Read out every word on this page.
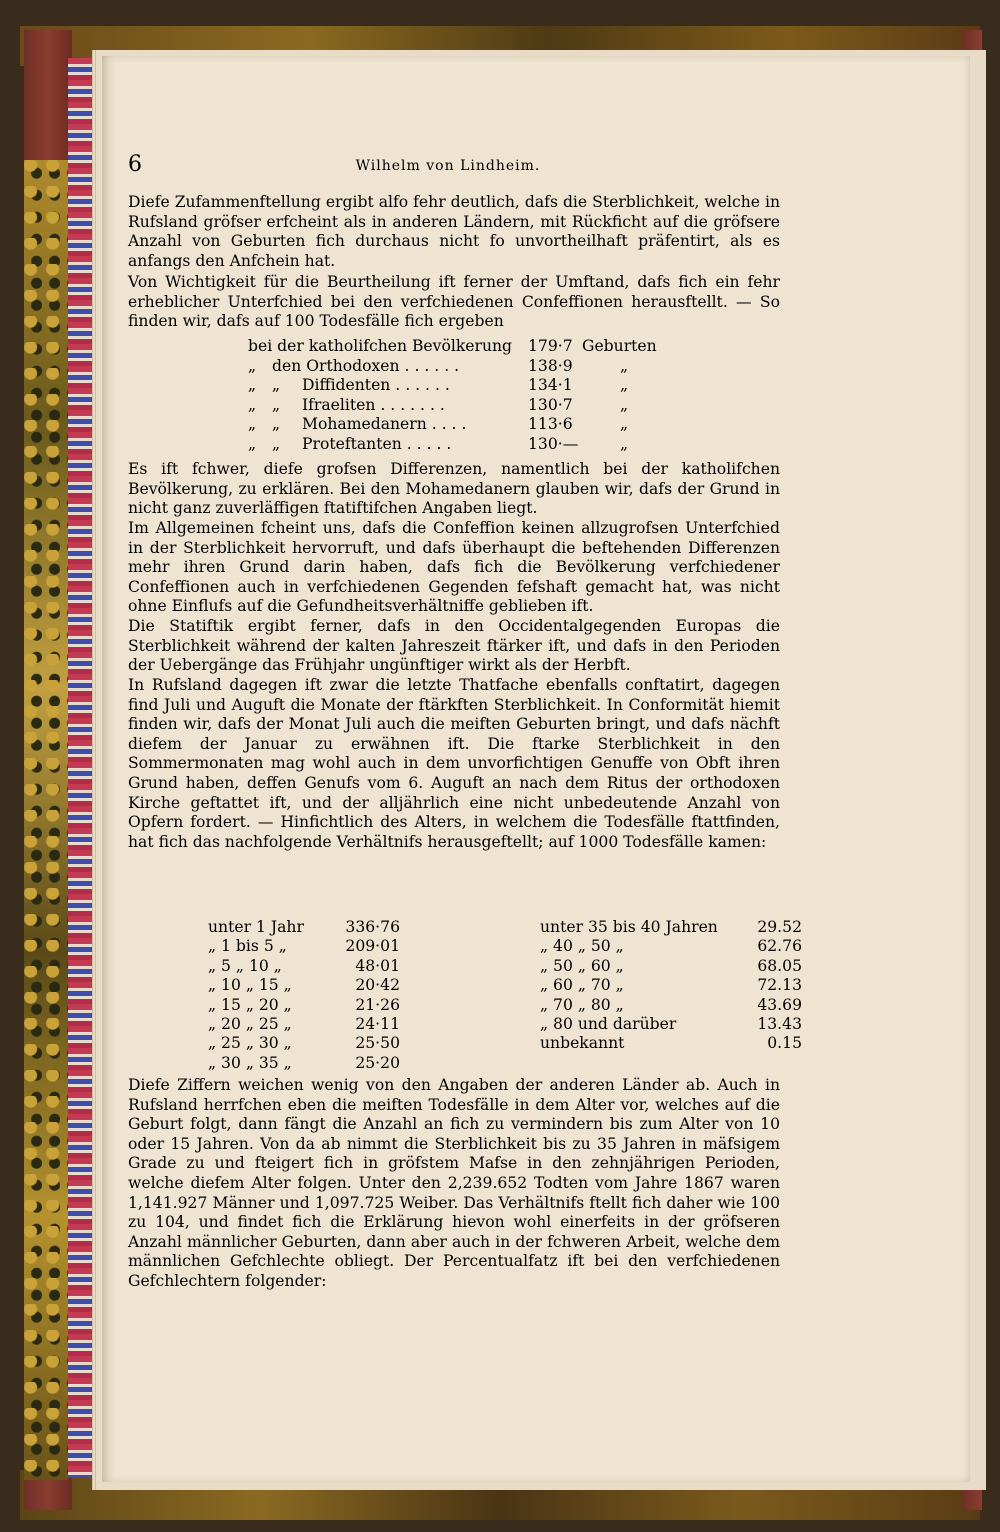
6	Wilhelm von Lindheim.

Diefe Zufammenftellung ergibt alfo fehr deutlich, dafs die Sterblichkeit, welche in Rufsland gröfser erfcheint als in anderen Ländern, mit Rückficht auf die gröfsere Anzahl von Geburten fich durchaus nicht fo unvortheilhaft präfentirt, als es anfangs den Anfchein hat.

Von Wichtigkeit für die Beurtheilung ift ferner der Umftand, dafs fich ein fehr erheblicher Unterfchied bei den verfchiedenen Confeffionen herausftellt. — So finden wir, dafs auf 100 Todesfälle fich ergeben

bei der katholifchen Bevölkerung	179·7 Geburten
„	den Orthodoxen . . . . . .	138·9	„
„	„	Diffidenten . . . . . .	134·1	„
„	„	Ifraeliten . . . . . . .	130·7	„
„	„	Mohamedanern . . . .	113·6	„
„	„	Proteftanten . . . . .	130·—	„

Es ift fchwer, diefe grofsen Differenzen, namentlich bei der katholifchen Bevölkerung, zu erklären. Bei den Mohamedanern glauben wir, dafs der Grund in nicht ganz zuverläffigen ftatiftifchen Angaben liegt.

Im Allgemeinen fcheint uns, dafs die Confeffion keinen allzugrofsen Unterfchied in der Sterblichkeit hervorruft, und dafs überhaupt die beftehenden Differenzen mehr ihren Grund darin haben, dafs fich die Bevölkerung verfchiedener Confeffionen auch in verfchiedenen Gegenden fefshaft gemacht hat, was nicht ohne Einflufs auf die Gefundheitsverhältniffe geblieben ift.

Die Statiftik ergibt ferner, dafs in den Occidentalgegenden Europas die Sterblichkeit während der kalten Jahreszeit ftärker ift, und dafs in den Perioden der Uebergänge das Frühjahr ungünftiger wirkt als der Herbft.

In Rufsland dagegen ift zwar die letzte Thatfache ebenfalls conftatirt, dagegen find Juli und Auguft die Monate der ftärkften Sterblichkeit. In Conformität hiemit finden wir, dafs der Monat Juli auch die meiften Geburten bringt, und dafs nächft diefem der Januar zu erwähnen ift. Die ftarke Sterblichkeit in den Sommermonaten mag wohl auch in dem unvorfichtigen Genuffe von Obft ihren Grund haben, deffen Genufs vom 6. Auguft an nach dem Ritus der orthodoxen Kirche geftattet ift, und der alljährlich eine nicht unbedeutende Anzahl von Opfern fordert. — Hinfichtlich des Alters, in welchem die Todesfälle ftattfinden, hat fich das nachfolgende Verhältnifs herausgeftellt; auf 1000 Todesfälle kamen:

unter 1 Jahr	336·76
„ 1 bis 5 „	209·01
„ 5 „ 10 „	48·01
„ 10 „ 15 „	20·42
„ 15 „ 20 „	21·26
„ 20 „ 25 „	24·11
„ 25 „ 30 „	25·50
„ 30 „ 35 „	25·20
unter 35 bis 40 Jahren	29.52
„ 40 „ 50 „	62.76
„ 50 „ 60 „	68.05
„ 60 „ 70 „	72.13
„ 70 „ 80 „	43.69
„ 80 und darüber	13.43
unbekannt	0.15

Diefe Ziffern weichen wenig von den Angaben der anderen Länder ab. Auch in Rufsland herrfchen eben die meiften Todesfälle in dem Alter vor, welches auf die Geburt folgt, dann fängt die Anzahl an fich zu vermindern bis zum Alter von 10 oder 15 Jahren. Von da ab nimmt die Sterblichkeit bis zu 35 Jahren in mäfsigem Grade zu und fteigert fich in gröfstem Mafse in den zehnjährigen Perioden, welche diefem Alter folgen. Unter den 2,239.652 Todten vom Jahre 1867 waren 1,141.927 Männer und 1,097.725 Weiber. Das Verhältnifs ftellt fich daher wie 100 zu 104, und findet fich die Erklärung hievon wohl einerfeits in der gröfseren Anzahl männlicher Geburten, dann aber auch in der fchweren Arbeit, welche dem männlichen Gefchlechte obliegt. Der Percentualfatz ift bei den verfchiedenen Gefchlechtern folgender:
